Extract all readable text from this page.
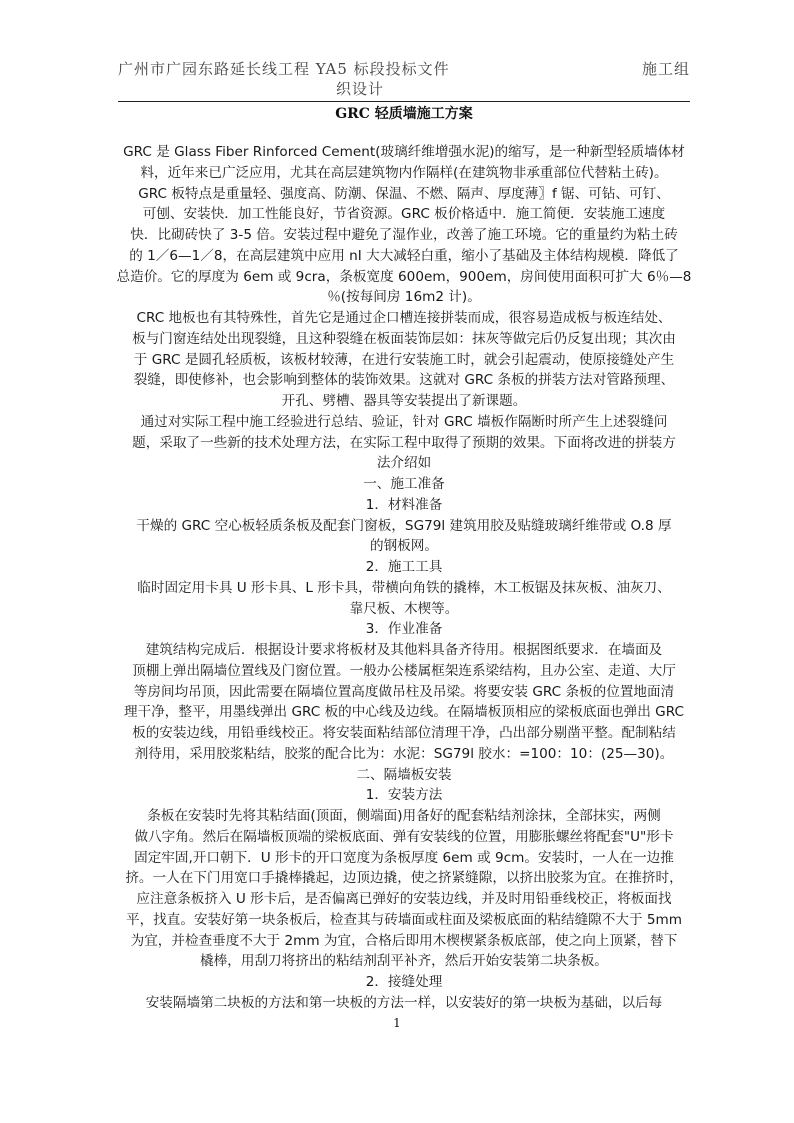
广州市广园东路延长线工程 YA5 标段投标文件	施工组
织设计
GRC 轻质墙施工方案
GRC 是 Glass Fiber Rinforced Cement(玻璃纤维增强水泥)的缩写，是一种新型轻质墙体材
料，近年来已广泛应用，尤其在高层建筑物内作隔样(在建筑物非承重部位代替粘土砖)。
GRC 板特点是重量轻、强度高、防潮、保温、不燃、隔声、厚度薄〗f 锯、可钻、可钉、
可刨、安装快．加工性能良好，节省资源。GRC 板价格适中．施工简便．安装施工速度
快．比砌砖快了 3-5 倍。安装过程中避免了湿作业，改善了施工环境。它的重量约为粘土砖
的 1／6—1／8，在高层建筑中应用 nI 大大减轻白重，缩小了基础及主体结构规模．降低了
总造价。它的厚度为 6em 或 9cra，条板宽度 600em，900em，房间使用面积可扩大 6％—8
％(按每间房 16m2 计)。
CRC 地板也有其特殊性，首先它是通过企口槽连接拼装而成，很容易造成板与板连结处、
板与门窗连结处出现裂缝，且这种裂缝在板面装饰层如：抹灰等做完后仍反复出现；其次由
于 GRC 是圆孔轻质板，该板材较薄，在进行安装施工时，就会引起震动，使原接缝处产生
裂缝，即使修补，也会影响到整体的装饰效果。这就对 GRC 条板的拼装方法对管路预理、
开孔、劈槽、器具等安装提出了新课题。
通过对实际工程中施工经验进行总结、验证，针对 GRC 墙板作隔断时所产生上述裂缝问
题，采取了一些新的技术处理方法，在实际工程中取得了预期的效果。下面将改进的拼装方
法介绍如
一、施工准备
1．材料准备
干燥的 GRC 空心板轻质条板及配套门窗板，SG79l 建筑用胶及贴缝玻璃纤维带或 O.8 厚
的钢板网。
2．施工工具
临时固定用卡具 U 形卡具、L 形卡具，带横向角铁的撬棒，木工板锯及抹灰板、油灰刀、
靠尺板、木楔等。
3．作业准备
建筑结构完成后．根据设计要求将板材及其他料具备齐待用。根据图纸要求．在墙面及
顶棚上弹出隔墙位置线及门窗位置。一般办公楼属框架连系梁结构，且办公室、走道、大厅
等房间均吊顶，因此需要在隔墙位置高度做吊柱及吊梁。将要安装 GRC 条板的位置地面清
理干净，整平，用墨线弹出 GRC 板的中心线及边线。在隔墙板顶相应的梁板底面也弹出 GRC
板的安装边线，用铅垂线校正。将安装面粘结部位清理干净，凸出部分剔凿平整。配制粘结
剂待用，采用胶浆粘结，胶浆的配合比为：水泥：SG79l 胶水：=100：10：(25—30)。
二、隔墙板安装
1．安装方法
条板在安装时先将其粘结面(顶面，侧端面)用备好的配套粘结剂涂抹，全部抹实，两侧
做八字角。然后在隔墙板顶端的梁板底面、弹有安装线的位置，用膨胀螺丝将配套"U"形卡
固定牢固,开口朝下．U 形卡的开口宽度为条板厚度 6em 或 9cm。安装时，一人在一边推
挤。一人在下门用宽口手撬棒撬起，边顶边撬，使之挤紧缝隙，以挤出胶浆为宜。在推挤时，
应注意条板挤入 U 形卡后，是否偏离已弹好的安装边线，并及时用铅垂线校正，将板面找
平，找直。安装好第一块条板后，检查其与砖墙面或柱面及梁板底面的粘结缝隙不大于 5mm
为宜，并检查垂度不大于 2mm 为宜，合格后即用木楔楔紧条板底部，使之向上顶紧，替下
橇棒，用刮刀将挤出的粘结剂刮平补齐，然后开始安装第二块条板。
2．接缝处理
安装隔墙第二块板的方法和第一块板的方法一样，以安装好的第一块板为基础，以后每
1
